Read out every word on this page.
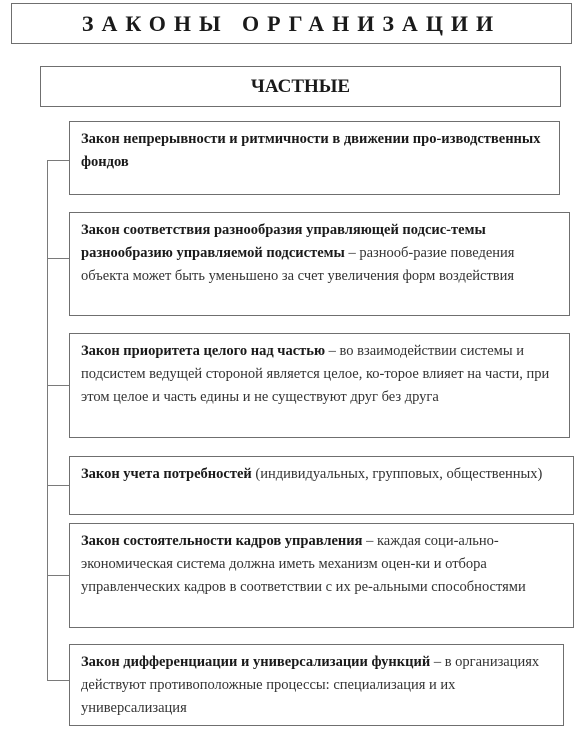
ЗАКОНЫ ОРГАНИЗАЦИИ
ЧАСТНЫЕ
Закон непрерывности и ритмичности в движении про-изводственных фондов
Закон соответствия разнообразия управляющей подсис-темы разнообразию управляемой подсистемы – разнооб-разие поведения объекта может быть уменьшено за счет увеличения форм воздействия
Закон приоритета целого над частью – во взаимодействии системы и подсистем ведущей стороной является целое, ко-торое влияет на части, при этом целое и часть едины и не существуют друг без друга
Закон учета потребностей (индивидуальных, групповых, общественных)
Закон состоятельности кадров управления – каждая соци-ально-экономическая система должна иметь механизм оцен-ки и отбора управленческих кадров в соответствии с их ре-альными способностями
Закон дифференциации и универсализации функций – в организациях действуют противоположные процессы: специализация и их универсализация
